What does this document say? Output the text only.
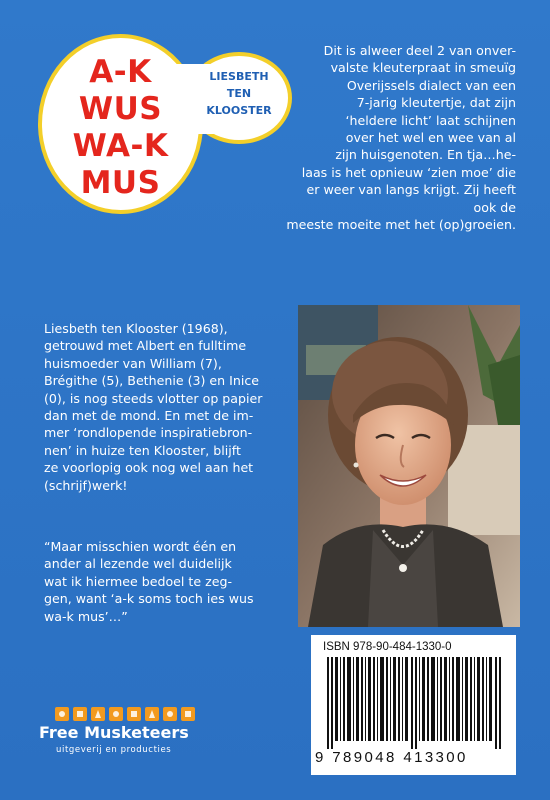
A-K
WUS
WA-K
MUS
LIESBETH
TEN
KLOOSTER

Dit is alweer deel 2 van onver-

valste kleuterpraat in smeuïg

Overijssels dialect van een

7-jarig kleutertje, dat zijn

‘heldere licht’ laat schijnen

over het wel en wee van al

zijn huisgenoten. En tja…he-

laas is het opnieuw ‘zien moe’ die

er weer van langs krijgt. Zij heeft ook de

meeste moeite met het (op)groeien.

Liesbeth ten Klooster (1968),

getrouwd met Albert en fulltime

huismoeder van William (7),

Brégithe (5), Bethenie (3) en Inice

(0), is nog steeds vlotter op papier

dan met de mond. En met de im-

mer ‘rondlopende inspiratiebron-

nen’ in huize ten Klooster, blijft

ze voorlopig ook nog wel aan het

(schrijf)werk!

“Maar misschien wordt één en

ander al lezende wel duidelijk

wat ik hiermee bedoel te zeg-

gen, want ‘a-k soms toch ies wus

wa-k mus’…”

ISBN 978-90-484-1330-0
9 789048 413300
Free Musketeers
uitgeverij en producties
